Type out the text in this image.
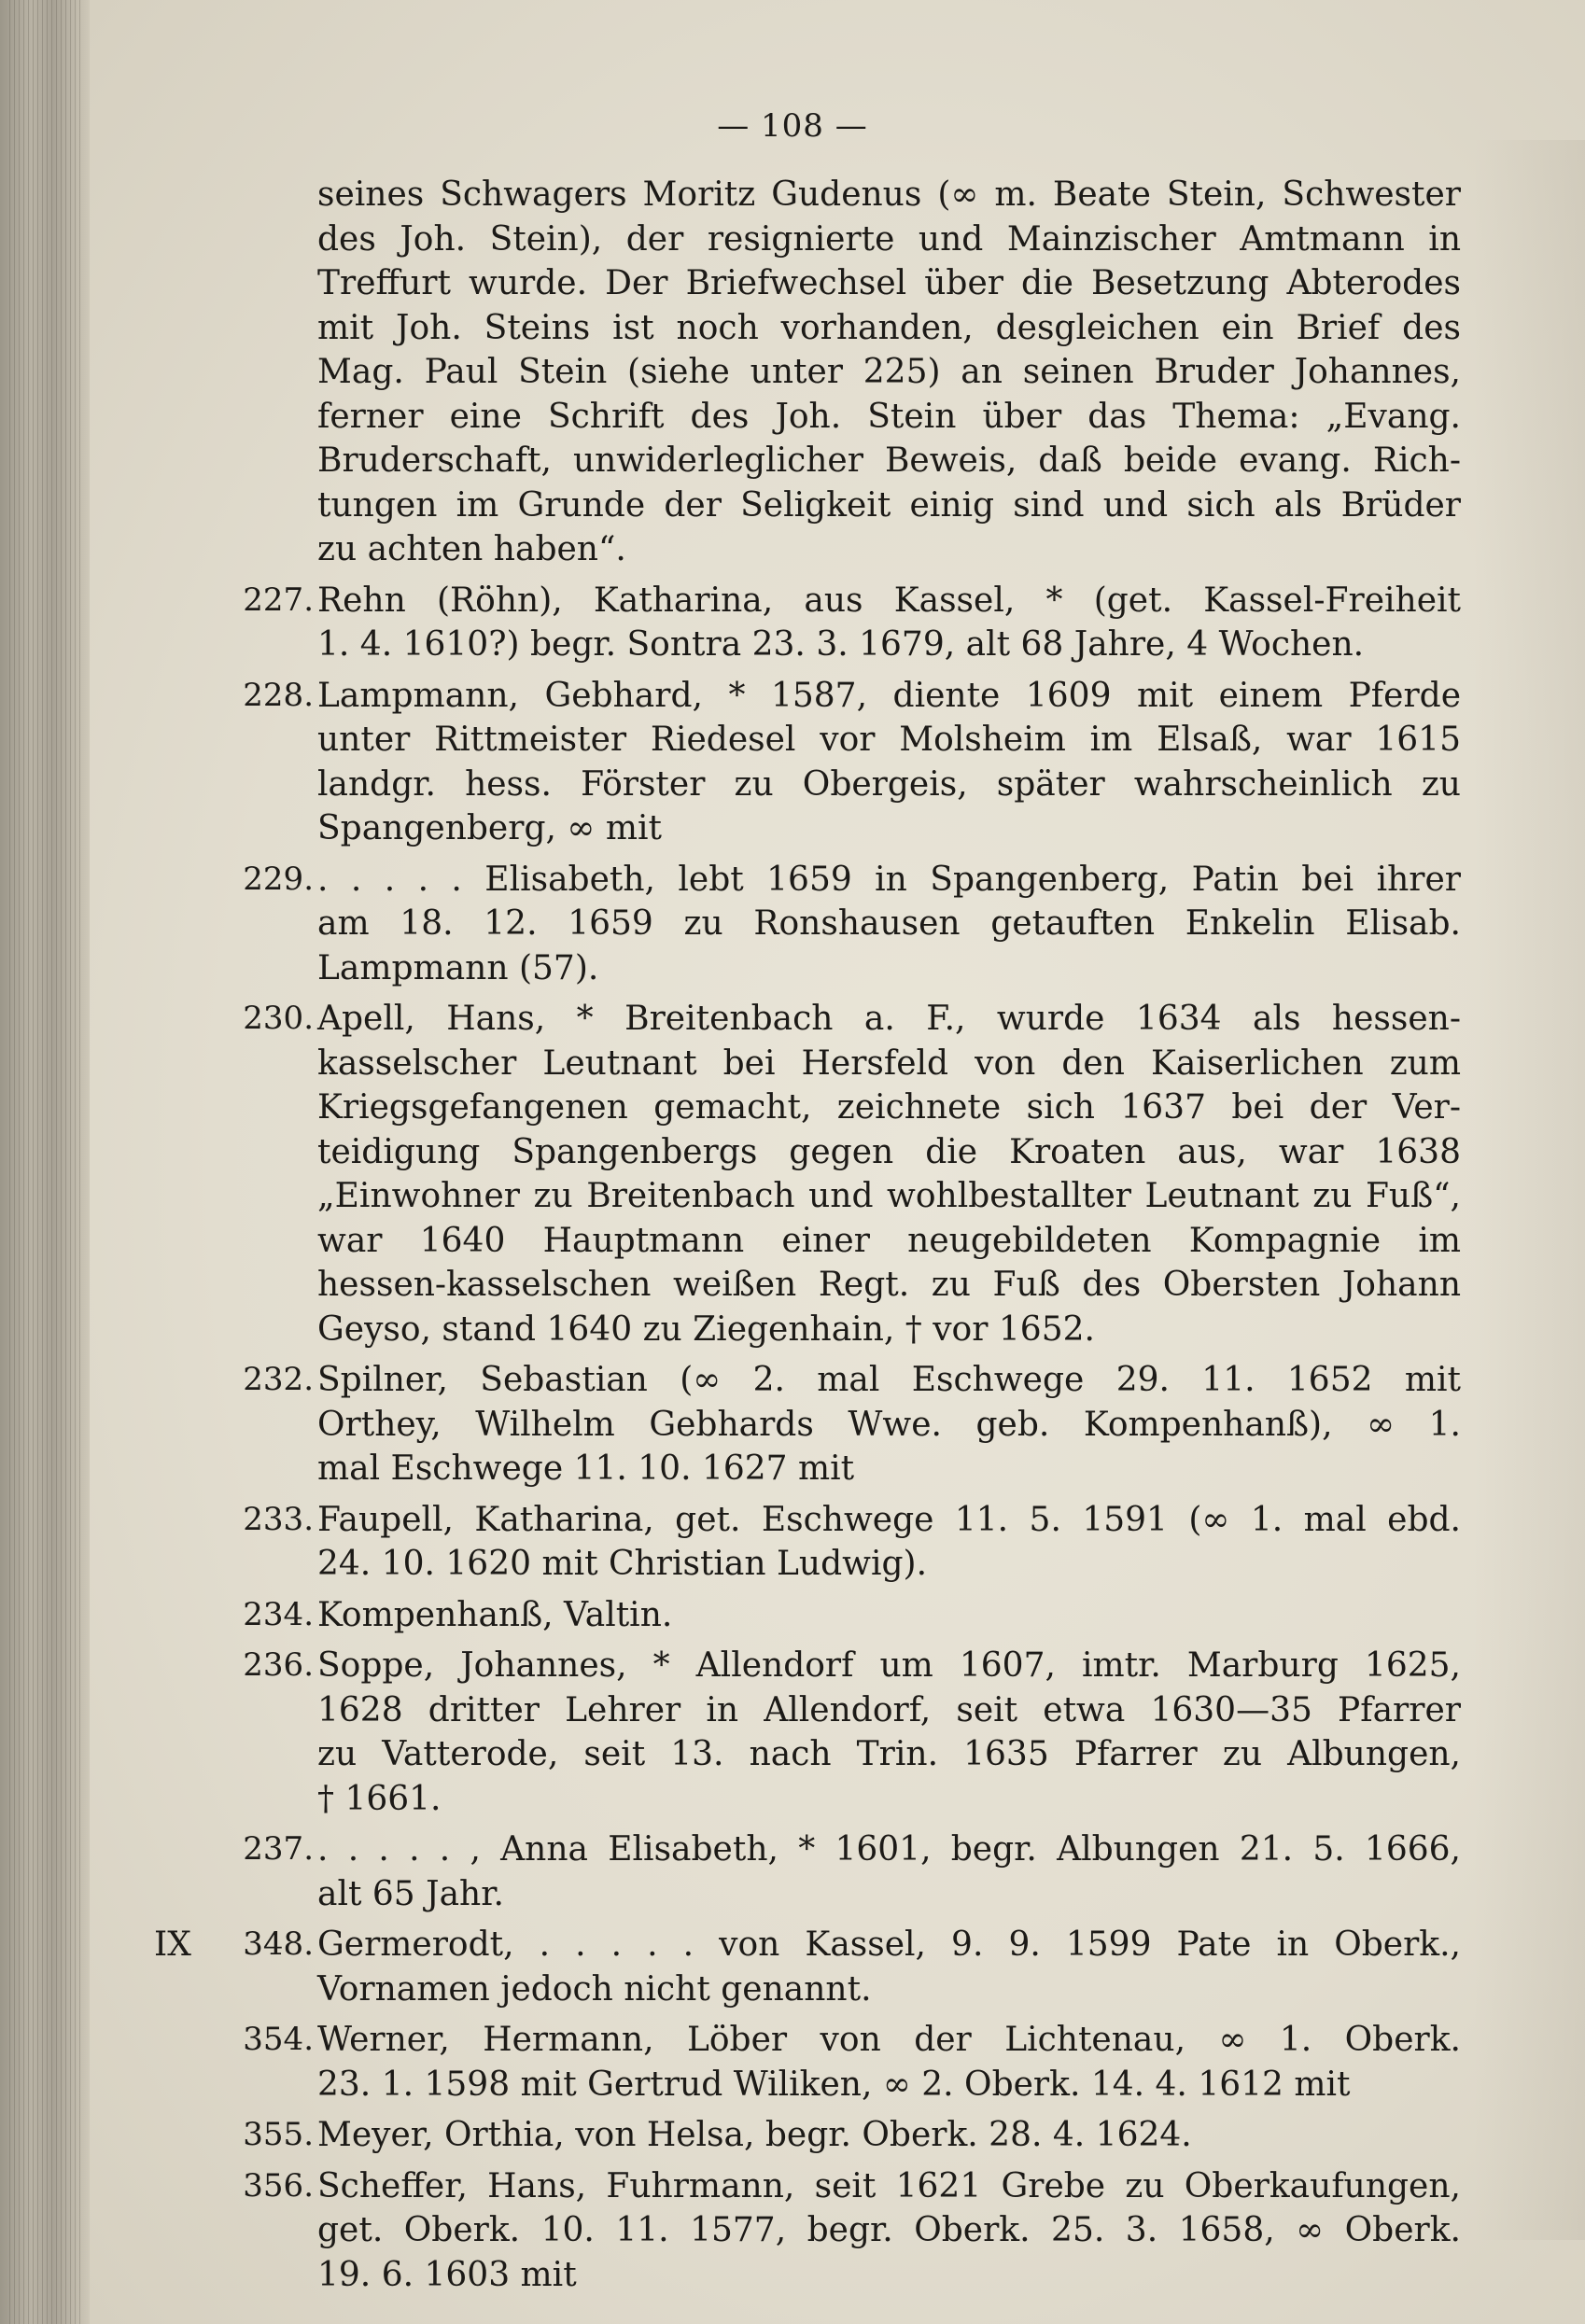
— 108 —
seines Schwagers Moritz Gudenus (∞ m. Beate Stein, Schwester
des Joh. Stein), der resignierte und Mainzischer Amtmann in
Treffurt wurde. Der Briefwechsel über die Besetzung Abterodes
mit Joh. Steins ist noch vorhanden, desgleichen ein Brief des
Mag. Paul Stein (siehe unter 225) an seinen Bruder Johannes,
ferner eine Schrift des Joh. Stein über das Thema: „Evang.
Bruderschaft, unwiderleglicher Beweis, daß beide evang. Rich-
tungen im Grunde der Seligkeit einig sind und sich als Brüder
zu achten haben“.
227. Rehn (Röhn), Katharina, aus Kassel, * (get. Kassel-Freiheit
1. 4. 1610?) begr. Sontra 23. 3. 1679, alt 68 Jahre, 4 Wochen.
228. Lampmann, Gebhard, * 1587, diente 1609 mit einem Pferde
unter Rittmeister Riedesel vor Molsheim im Elsaß, war 1615
landgr. hess. Förster zu Obergeis, später wahrscheinlich zu
Spangenberg, ∞ mit
229. . . . . . Elisabeth, lebt 1659 in Spangenberg, Patin bei ihrer
am 18. 12. 1659 zu Ronshausen getauften Enkelin Elisab.
Lampmann (57).
230. Apell, Hans, * Breitenbach a. F., wurde 1634 als hessen-
kasselscher Leutnant bei Hersfeld von den Kaiserlichen zum
Kriegsgefangenen gemacht, zeichnete sich 1637 bei der Ver-
teidigung Spangenbergs gegen die Kroaten aus, war 1638
„Einwohner zu Breitenbach und wohlbestallter Leutnant zu Fuß“,
war 1640 Hauptmann einer neugebildeten Kompagnie im
hessen-kasselschen weißen Regt. zu Fuß des Obersten Johann
Geyso, stand 1640 zu Ziegenhain, † vor 1652.
232. Spilner, Sebastian (∞ 2. mal Eschwege 29. 11. 1652 mit
Orthey, Wilhelm Gebhards Wwe. geb. Kompenhanß), ∞ 1.
mal Eschwege 11. 10. 1627 mit
233. Faupell, Katharina, get. Eschwege 11. 5. 1591 (∞ 1. mal ebd.
24. 10. 1620 mit Christian Ludwig).
234. Kompenhanß, Valtin.
236. Soppe, Johannes, * Allendorf um 1607, imtr. Marburg 1625,
1628 dritter Lehrer in Allendorf, seit etwa 1630—35 Pfarrer
zu Vatterode, seit 13. nach Trin. 1635 Pfarrer zu Albungen,
† 1661.
237. . . . . . , Anna Elisabeth, * 1601, begr. Albungen 21. 5. 1666,
alt 65 Jahr.
IX	348. Germerodt, . . . . . von Kassel, 9. 9. 1599 Pate in Oberk.,
Vornamen jedoch nicht genannt.
354. Werner, Hermann, Löber von der Lichtenau, ∞ 1. Oberk.
23. 1. 1598 mit Gertrud Wiliken, ∞ 2. Oberk. 14. 4. 1612 mit
355. Meyer, Orthia, von Helsa, begr. Oberk. 28. 4. 1624.
356. Scheffer, Hans, Fuhrmann, seit 1621 Grebe zu Oberkaufungen,
get. Oberk. 10. 11. 1577, begr. Oberk. 25. 3. 1658, ∞ Oberk.
19. 6. 1603 mit
